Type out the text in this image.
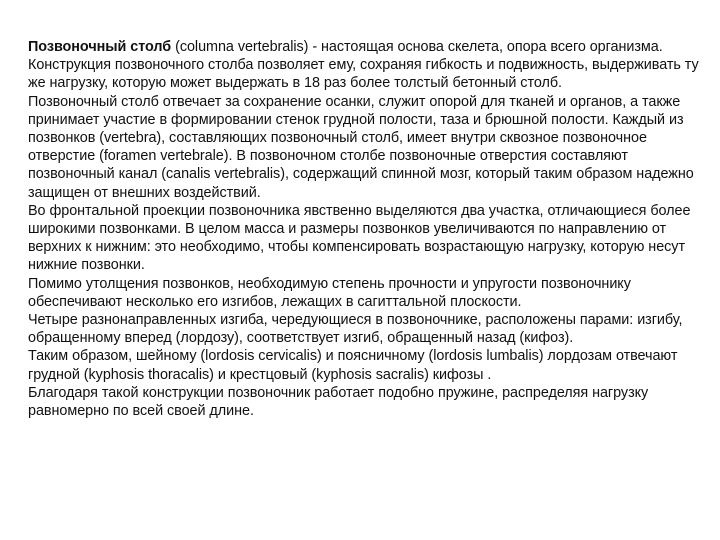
Позвоночный столб (columna vertebralis) - настоящая основа скелета, опора всего организма. Конструкция позвоночного столба позволяет ему, сохраняя гибкость и подвижность, выдерживать ту же нагрузку, которую может выдержать в 18 раз более толстый бетонный столб.

Позвоночный столб отвечает за сохранение осанки, служит опорой для тканей и органов, а также принимает участие в формировании стенок грудной полости, таза и брюшной полости. Каждый из позвонков (vertebra), составляющих позвоночный столб, имеет внутри сквозное позвоночное отверстие (foramen vertebrale). В позвоночном столбе позвоночные отверстия составляют позвоночный канал (canalis vertebralis), содержащий спинной мозг, который таким образом надежно защищен от внешних воздействий.

Во фронтальной проекции позвоночника явственно выделяются два участка, отличающиеся более широкими позвонками. В целом масса и размеры позвонков увеличиваются по направлению от верхних к нижним: это необходимо, чтобы компенсировать возрастающую нагрузку, которую несут нижние позвонки.

Помимо утолщения позвонков, необходимую степень прочности и упругости позвоночнику обеспечивают несколько его изгибов, лежащих в сагиттальной плоскости.

Четыре разнонаправленных изгиба, чередующиеся в позвоночнике, расположены парами: изгибу, обращенному вперед (лордозу), соответствует изгиб, обращенный назад (кифоз).

Таким образом, шейному (lordosis cervicalis) и поясничному (lordosis lumbalis) лордозам отвечают грудной (kyphosis thoracalis) и крестцовый (kyphosis sacralis) кифозы .

Благодаря такой конструкции позвоночник работает подобно пружине, распределяя нагрузку равномерно по всей своей длине.
